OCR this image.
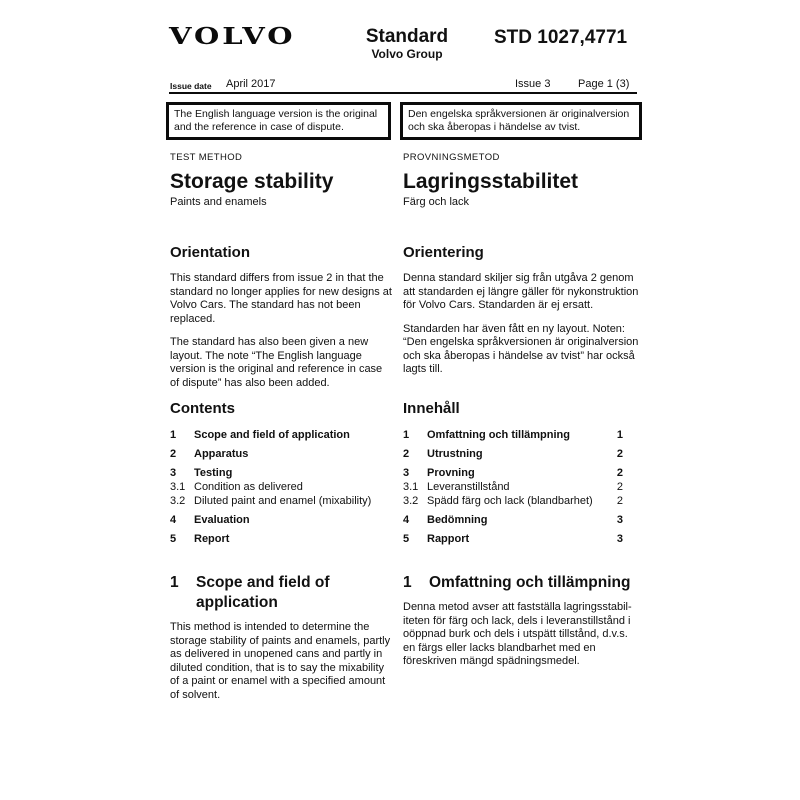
VOLVO	Standard
Volvo Group
STD 1027,4771
Issue date April 2017	Issue 3	Page 1 (3)
The English language version is the original and the reference in case of dispute.
Den engelska språkversionen är originalversion och ska åberopas i händelse av tvist.
TEST METHOD
Storage stability
Paints and enamels
PROVNINGSMETOD
Lagringsstabilitet
Färg och lack
Orientation

This standard differs from issue 2 in that the standard no longer applies for new designs at Volvo Cars. The standard has not been replaced.

The standard has also been given a new layout. The note “The English language version is the original and reference in case of dispute” has also been added.

Orientering

Denna standard skiljer sig från utgåva 2 genom att standarden ej längre gäller för nykonstruktion för Volvo Cars. Standarden är ej ersatt.

Standarden har även fått en ny layout. Noten: “Den engelska språkversionen är originalversion och ska åberopas i händelse av tvist” har också lagts till.

Contents
1	Scope and field of application
2	Apparatus
3	Testing
3.1 Condition as delivered
3.2 Diluted paint and enamel (mixability)
4	Evaluation
5	Report
Innehåll
1	Omfattning och tillämpning	1
2	Utrustning	2
3	Provning	2
3.1 Leveranstillstånd	2
3.2 Spädd färg och lack (blandbarhet)	2
4	Bedömning	3
5	Rapport	3
1	Scope and field of application

This method is intended to determine the storage stability of paints and enamels, partly as delivered in unopened cans and partly in diluted condition, that is to say the mixability of a paint or enamel with a specified amount of solvent.

1	Omfattning och tillämpning

Denna metod avser att fastställa lagringsstabiliteten för färg och lack, dels i leveranstillstånd i oöppnad burk och dels i utspätt tillstånd, d.v.s. en färgs eller lacks blandbarhet med en föreskriven mängd spädningsmedel.
